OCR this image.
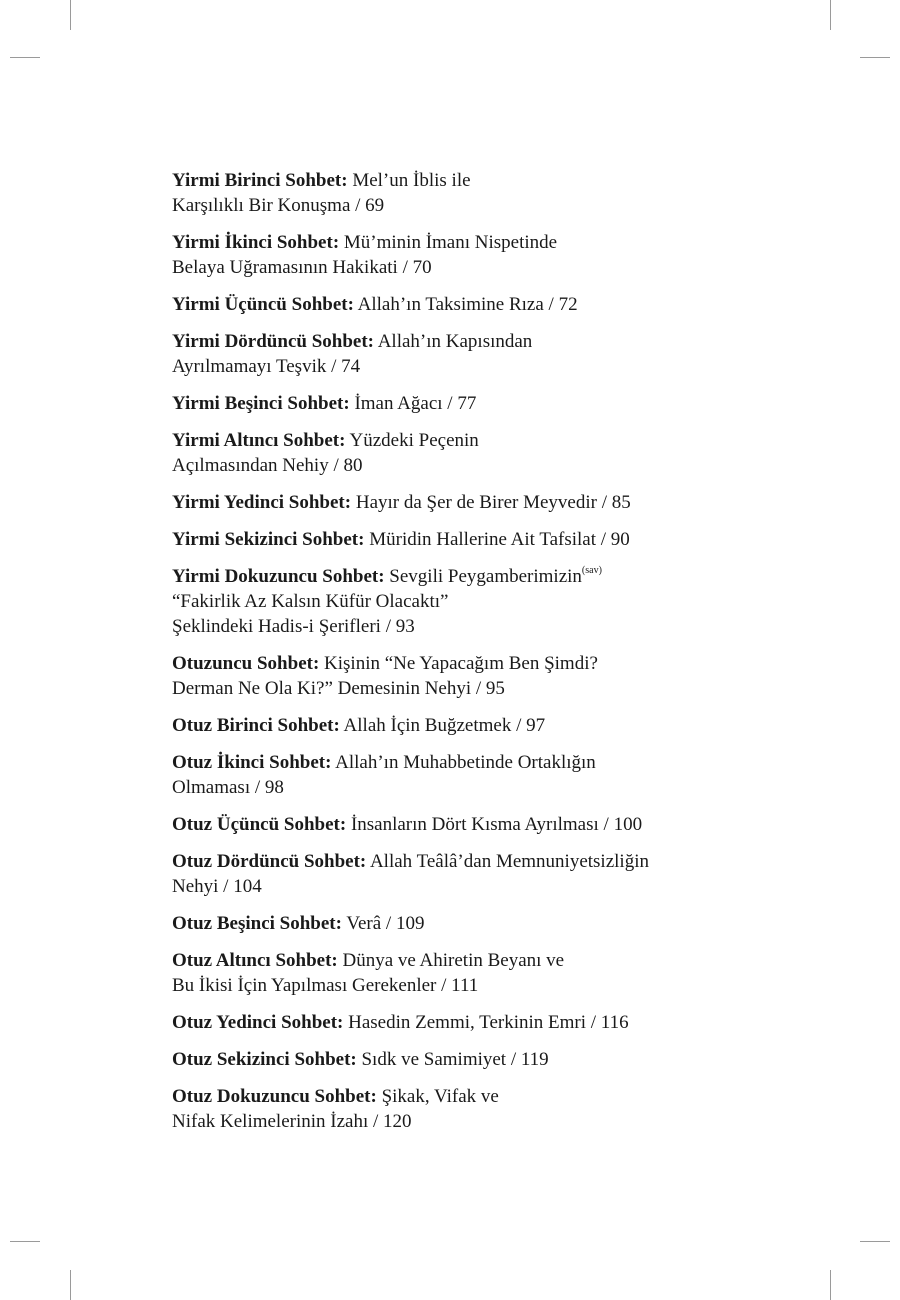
Yirmi Birinci Sohbet: Mel’un İblis ile
Karşılıklı Bir Konuşma / 69
Yirmi İkinci Sohbet: Mü’minin İmanı Nispetinde
Belaya Uğramasının Hakikati / 70
Yirmi Üçüncü Sohbet: Allah’ın Taksimine Rıza / 72
Yirmi Dördüncü Sohbet: Allah’ın Kapısından
Ayrılmamayı Teşvik / 74
Yirmi Beşinci Sohbet: İman Ağacı / 77
Yirmi Altıncı Sohbet: Yüzdeki Peçenin
Açılmasından Nehiy / 80
Yirmi Yedinci Sohbet: Hayır da Şer de Birer Meyvedir / 85
Yirmi Sekizinci Sohbet: Müridin Hallerine Ait Tafsilat / 90
Yirmi Dokuzuncu Sohbet: Sevgili Peygamberimizin$^{(sav)}$
“Fakirlik Az Kalsın Küfür Olacaktı”
Şeklindeki Hadis-i Şerifleri / 93
Otuzuncu Sohbet: Kişinin “Ne Yapacağım Ben Şimdi?
Derman Ne Ola Ki?” Demesinin Nehyi / 95
Otuz Birinci Sohbet: Allah İçin Buğzetmek / 97
Otuz İkinci Sohbet: Allah’ın Muhabbetinde Ortaklığın
Olmaması / 98
Otuz Üçüncü Sohbet: İnsanların Dört Kısma Ayrılması / 100
Otuz Dördüncü Sohbet: Allah Teâlâ’dan Memnuniyetsizliğin
Nehyi / 104
Otuz Beşinci Sohbet: Verâ / 109
Otuz Altıncı Sohbet: Dünya ve Ahiretin Beyanı ve
Bu İkisi İçin Yapılması Gerekenler / 111
Otuz Yedinci Sohbet: Hasedin Zemmi, Terkinin Emri / 116
Otuz Sekizinci Sohbet: Sıdk ve Samimiyet / 119
Otuz Dokuzuncu Sohbet: Şikak, Vifak ve
Nifak Kelimelerinin İzahı / 120
